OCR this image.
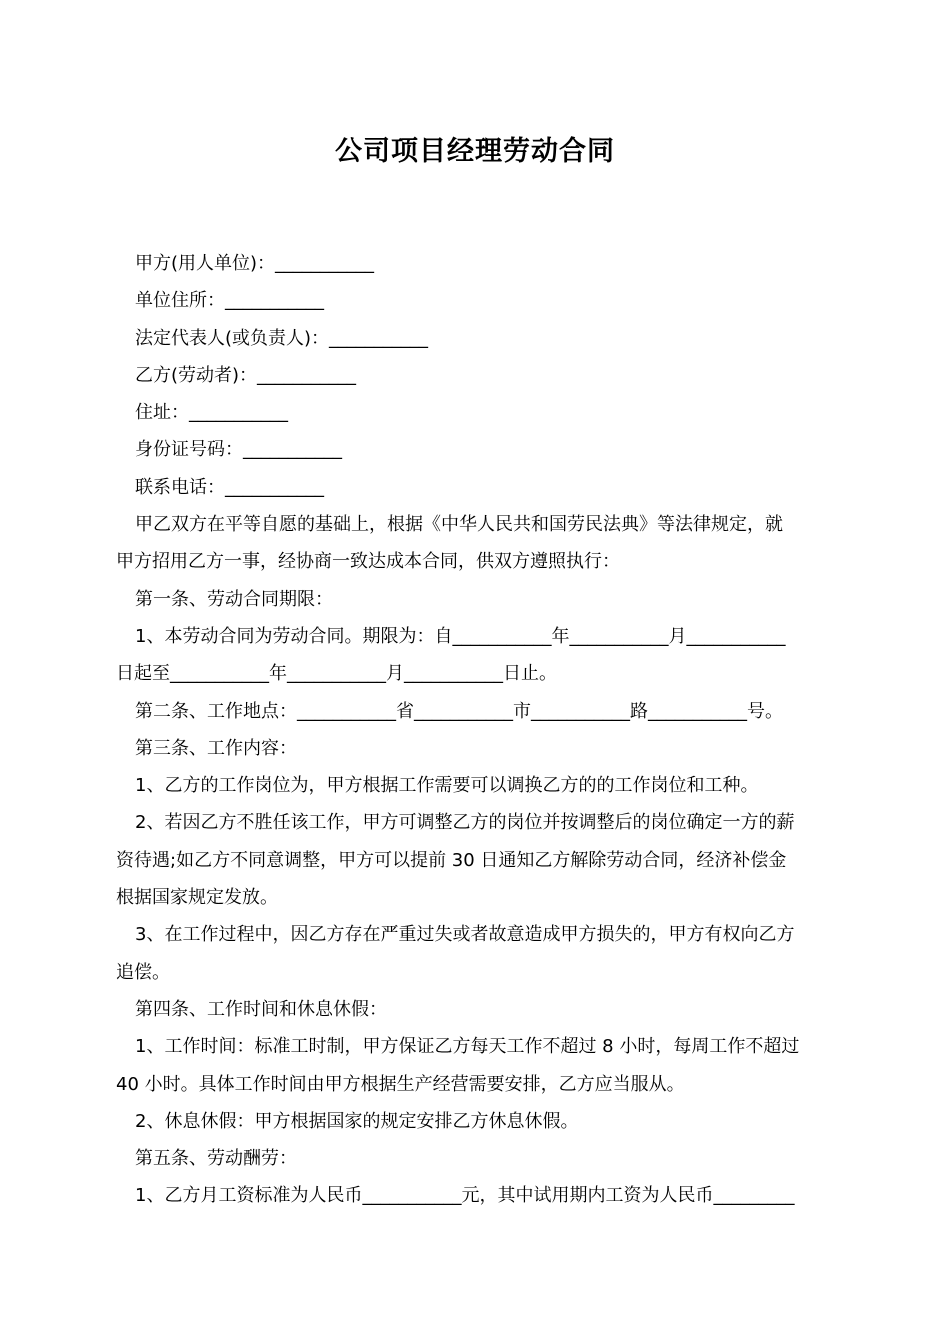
公司项目经理劳动合同

甲方(用人单位)：___________

单位住所：___________

法定代表人(或负责人)：___________

乙方(劳动者)：___________

住址：___________

身份证号码：___________

联系电话：___________

甲乙双方在平等自愿的基础上，根据《中华人民共和国劳民法典》等法律规定，就

甲方招用乙方一事，经协商一致达成本合同，供双方遵照执行：

第一条、劳动合同期限：

1、本劳动合同为劳动合同。期限为：自___________年___________月___________

日起至___________年___________月___________日止。

第二条、工作地点：___________省___________市___________路___________号。

第三条、工作内容：

1、乙方的工作岗位为，甲方根据工作需要可以调换乙方的的工作岗位和工种。

2、若因乙方不胜任该工作，甲方可调整乙方的岗位并按调整后的岗位确定一方的薪

资待遇;如乙方不同意调整，甲方可以提前 30 日通知乙方解除劳动合同，经济补偿金

根据国家规定发放。

3、在工作过程中，因乙方存在严重过失或者故意造成甲方损失的，甲方有权向乙方

追偿。

第四条、工作时间和休息休假：

1、工作时间：标准工时制，甲方保证乙方每天工作不超过 8 小时，每周工作不超过

40 小时。具体工作时间由甲方根据生产经营需要安排，乙方应当服从。

2、休息休假：甲方根据国家的规定安排乙方休息休假。

第五条、劳动酬劳：

1、乙方月工资标准为人民币___________元，其中试用期内工资为人民币_________
